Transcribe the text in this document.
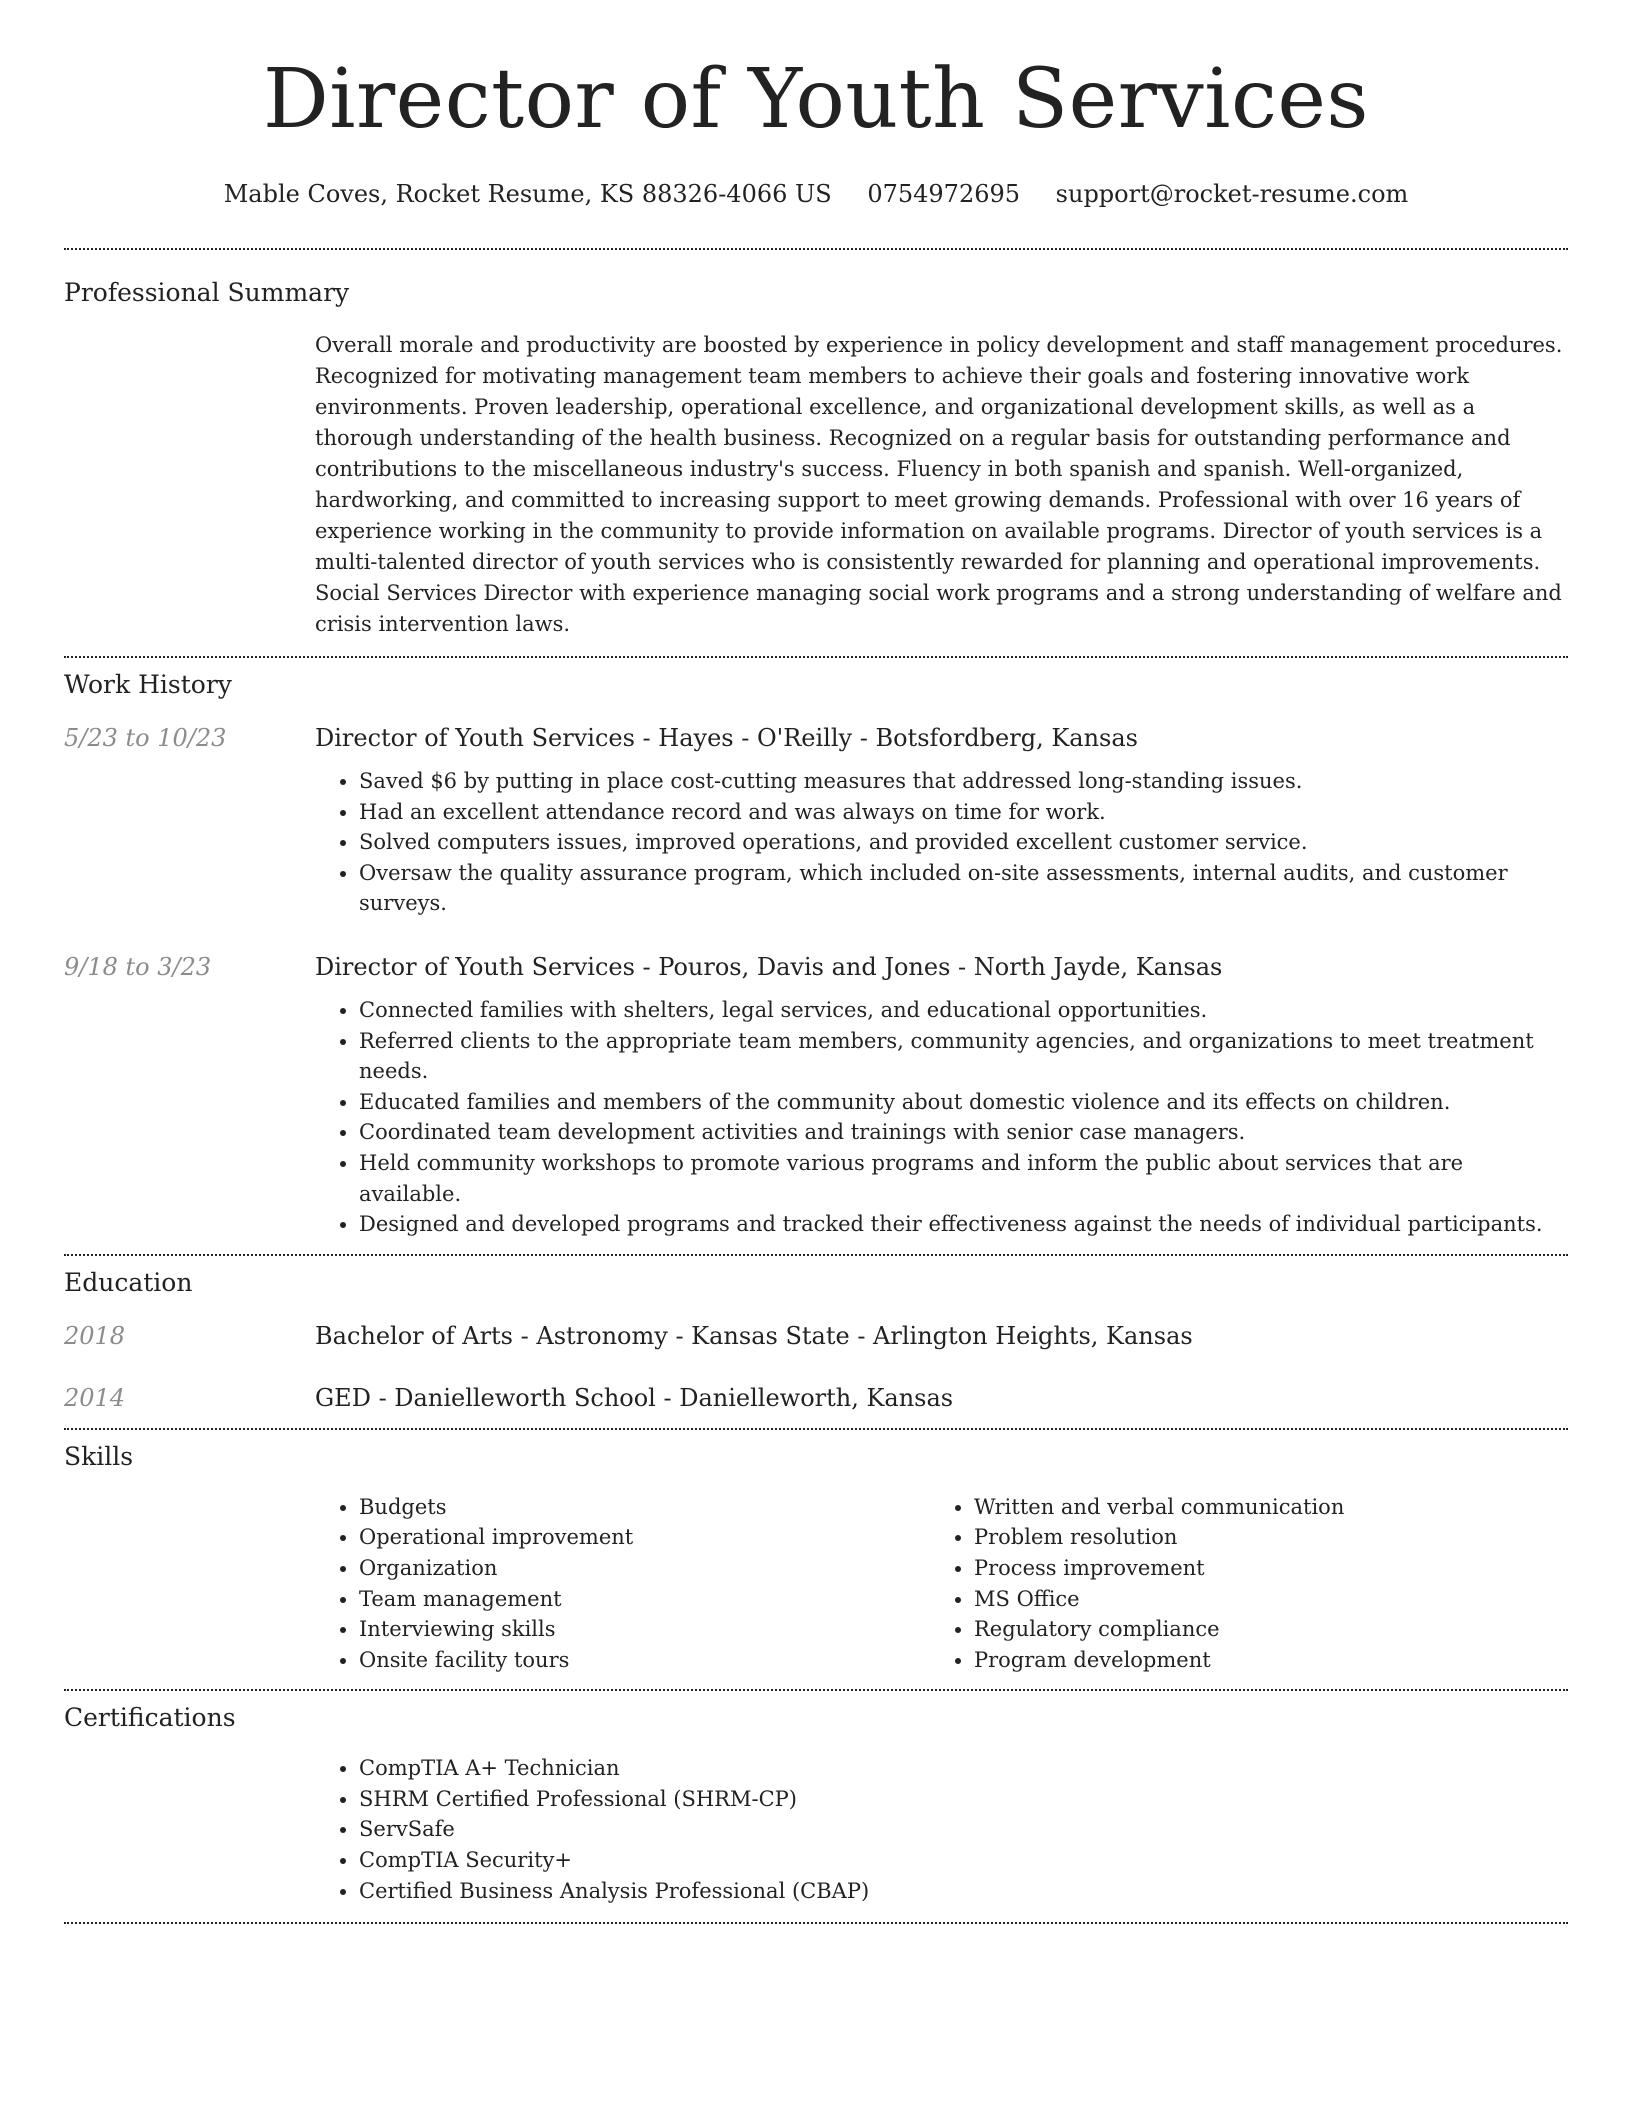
Director of Youth Services
Mable Coves, Rocket Resume, KS 88326-4066 US 0754972695 support@rocket-resume.com
Professional Summary

Overall morale and productivity are boosted by experience in policy development and staff management procedures. Recognized for motivating management team members to achieve their goals and fostering innovative work environments. Proven leadership, operational excellence, and organizational development skills, as well as a thorough understanding of the health business. Recognized on a regular basis for outstanding performance and contributions to the miscellaneous industry's success. Fluency in both spanish and spanish. Well-organized, hardworking, and committed to increasing support to meet growing demands. Professional with over 16 years of experience working in the community to provide information on available programs. Director of youth services is a multi-talented director of youth services who is consistently rewarded for planning and operational improvements. Social Services Director with experience managing social work programs and a strong understanding of welfare and crisis intervention laws.

Work History
5/23 to 10/23	Director of Youth Services - Hayes - O'Reilly - Botsfordberg, Kansas
• Saved $6 by putting in place cost-cutting measures that addressed long-standing issues.
• Had an excellent attendance record and was always on time for work.
• Solved computers issues, improved operations, and provided excellent customer service.
• Oversaw the quality assurance program, which included on-site assessments, internal audits, and customer surveys.
9/18 to 3/23	Director of Youth Services - Pouros, Davis and Jones - North Jayde, Kansas
• Connected families with shelters, legal services, and educational opportunities.
• Referred clients to the appropriate team members, community agencies, and organizations to meet treatment needs.
• Educated families and members of the community about domestic violence and its effects on children.
• Coordinated team development activities and trainings with senior case managers.
• Held community workshops to promote various programs and inform the public about services that are available.
• Designed and developed programs and tracked their effectiveness against the needs of individual participants.
Education
2018	Bachelor of Arts - Astronomy - Kansas State - Arlington Heights, Kansas
2014	GED - Danielleworth School - Danielleworth, Kansas
Skills
• Budgets
• Operational improvement
• Organization
• Team management
• Interviewing skills
• Onsite facility tours
• Written and verbal communication
• Problem resolution
• Process improvement
• MS Office
• Regulatory compliance
• Program development
Certifications
• CompTIA A+ Technician
• SHRM Certified Professional (SHRM-CP)
• ServSafe
• CompTIA Security+
• Certified Business Analysis Professional (CBAP)
